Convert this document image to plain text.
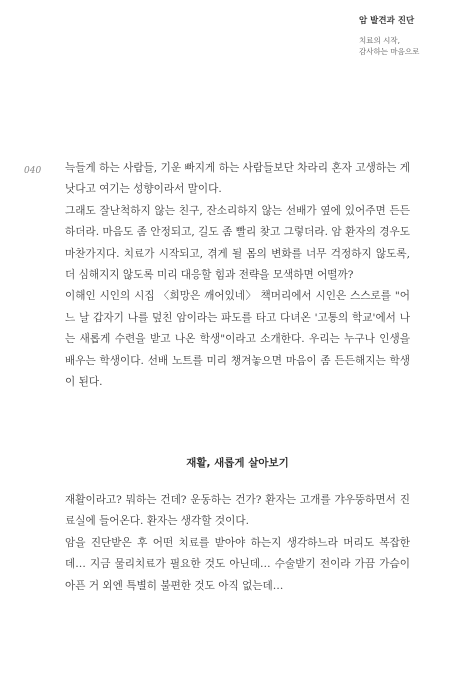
암 발견과 진단
치료의 시작,
감사하는 마음으로
040 늑들게 하는 사람들, 기운 빠지게 하는 사람들보단 차라리 혼자 고생하는 게 낫다고 여기는 성향이라서 말이다.

그래도 잘난척하지 않는 친구, 잔소리하지 않는 선배가 옆에 있어주면 든든하더라. 마음도 좀 안정되고, 길도 좀 빨리 찾고 그렇더라. 암 환자의 경우도 마찬가지다. 치료가 시작되고, 겪게 될 몸의 변화를 너무 걱정하지 않도록, 더 심해지지 않도록 미리 대응할 힘과 전략을 모색하면 어떨까?

이해인 시인의 시집 〈희망은 깨어있네〉 책머리에서 시인은 스스로를 "어느 날 갑자기 나를 덮친 암이라는 파도를 타고 다녀온 '고통의 학교'에서 나는 새롭게 수련을 받고 나온 학생"이라고 소개한다. 우리는 누구나 인생을 배우는 학생이다. 선배 노트를 미리 챙겨놓으면 마음이 좀 든든해지는 학생이 된다.

재활, 새롭게 살아보기

재활이라고? 뭐하는 건데? 운동하는 건가? 환자는 고개를 갸우뚱하면서 진료실에 들어온다. 환자는 생각할 것이다.

암을 진단받은 후 어떤 치료를 받아야 하는지 생각하느라 머리도 복잡한데… 지금 물리치료가 필요한 것도 아닌데… 수술받기 전이라 가끔 가슴이 아픈 거 외엔 특별히 불편한 것도 아직 없는데…
